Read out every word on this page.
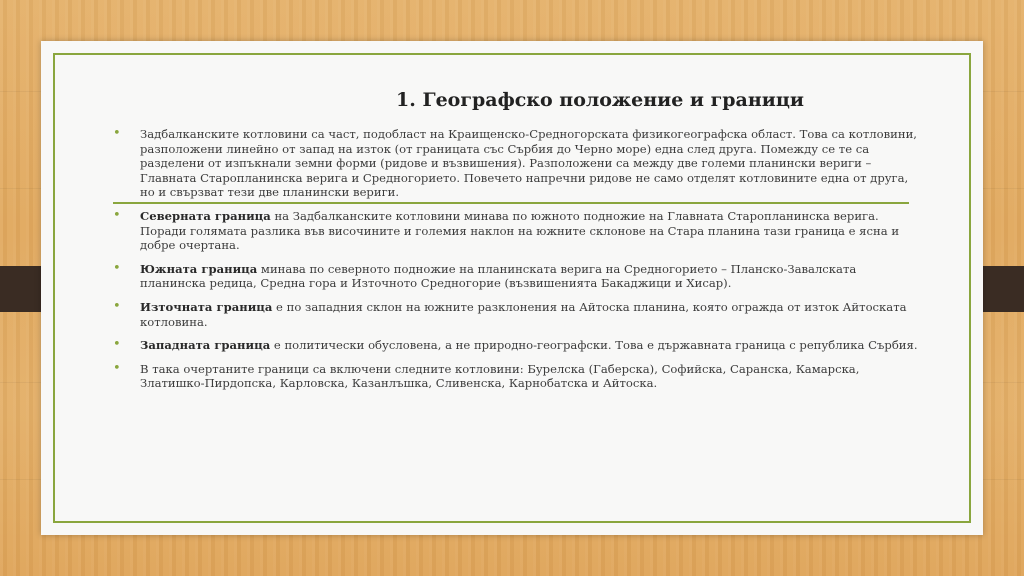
1. Географско положение и граници
• Задбалканските котловини са част, подобласт на Краищенско-Средногорската физикогеографска област. Това са котловини, разположени линейно от запад на изток (от границата със Сърбия до Черно море) една след друга. Помежду се те са разделени от изпъкнали земни форми (ридове и възвишения). Разположени са между две големи планински вериги – Главната Старопланинска верига и Средногорието. Повечето напречни ридове не само отделят котловините една от друга, но и свързват тези две планински вериги.
• Северната граница на Задбалканските котловини минава по южното подножие на Главната Старопланинска верига. Поради голямата разлика във височините и големия наклон на южните склонове на Стара планина тази граница е ясна и добре очертана.
• Южната граница минава по северното подножие на планинската верига на Средногорието – Планско-Завалската планинска редица, Средна гора и Източното Средногорие (възвишенията Бакаджици и Хисар).
• Източната граница е по западния склон на южните разклонения на Айтоска планина, която огражда от изток Айтоската котловина.
• Западната граница е политически обусловена, а не природно-географски. Това е държавната граница с република Сърбия.
• В така очертаните граници са включени следните котловини: Бурелска (Габерска), Софийска, Саранска, Камарска, Златишко-Пирдопска, Карловска, Казанлъшка, Сливенска, Карнобатска и Айтоска.
